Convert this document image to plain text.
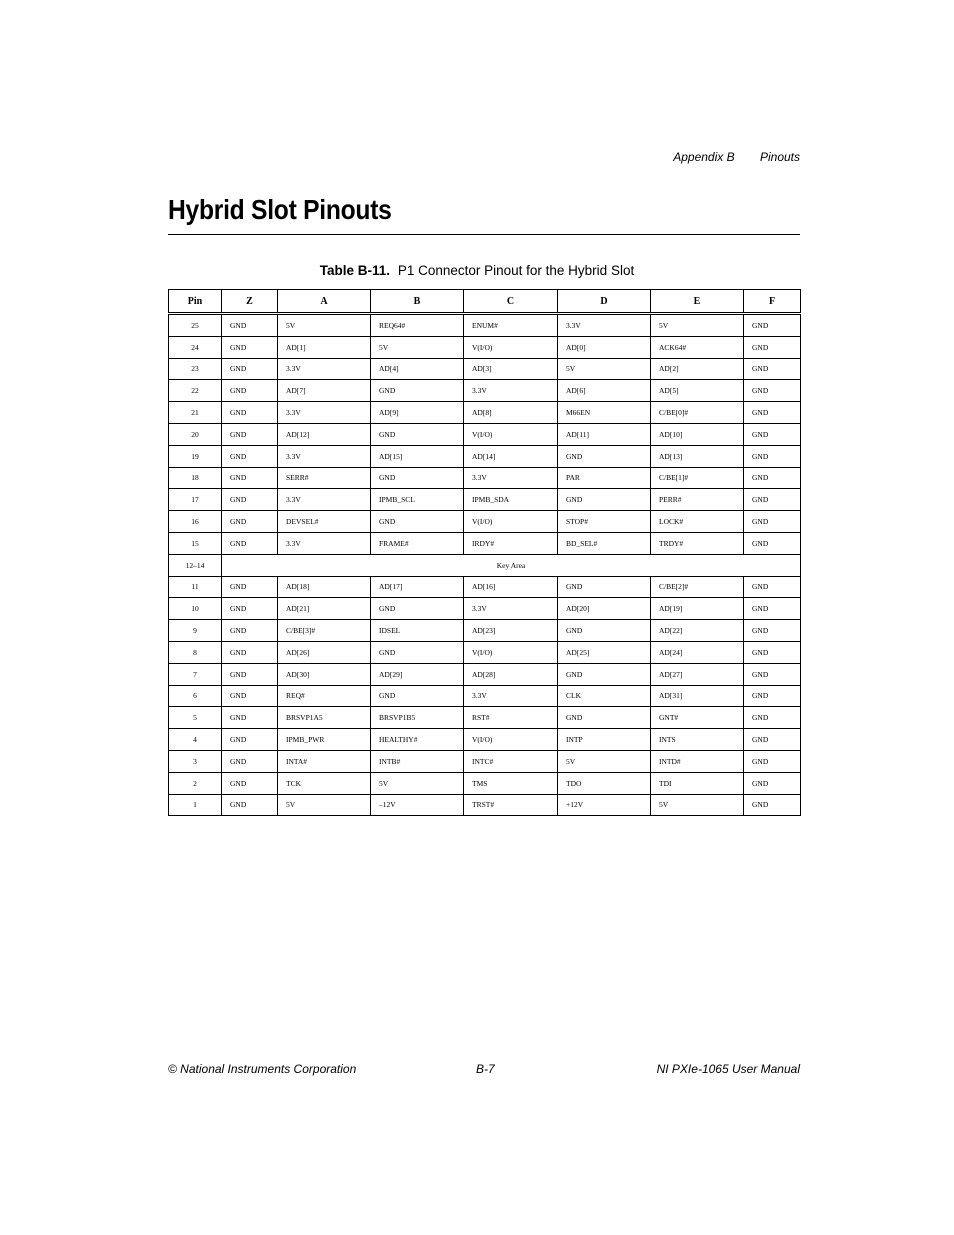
Appendix B Pinouts
Hybrid Slot Pinouts
Table B-11. P1 Connector Pinout for the Hybrid Slot
Pin	Z	A	B	C	D	E	F
25	GND	5V	REQ64#	ENUM#	3.3V	5V	GND
24	GND	AD[1]	5V	V(I/O)	AD[0]	ACK64#	GND
23	GND	3.3V	AD[4]	AD[3]	5V	AD[2]	GND
22	GND	AD[7]	GND	3.3V	AD[6]	AD[5]	GND
21	GND	3.3V	AD[9]	AD[8]	M66EN	C/BE[0]#	GND
20	GND	AD[12]	GND	V(I/O)	AD[11]	AD[10]	GND
19	GND	3.3V	AD[15]	AD[14]	GND	AD[13]	GND
18	GND	SERR#	GND	3.3V	PAR	C/BE[1]#	GND
17	GND	3.3V	IPMB_SCL	IPMB_SDA	GND	PERR#	GND
16	GND	DEVSEL#	GND	V(I/O)	STOP#	LOCK#	GND
15	GND	3.3V	FRAME#	IRDY#	BD_SEL#	TRDY#	GND
12–14	Key Area						
11	GND	AD[18]	AD[17]	AD[16]	GND	C/BE[2]#	GND
10	GND	AD[21]	GND	3.3V	AD[20]	AD[19]	GND
9	GND	C/BE[3]#	IDSEL	AD[23]	GND	AD[22]	GND
8	GND	AD[26]	GND	V(I/O)	AD[25]	AD[24]	GND
7	GND	AD[30]	AD[29]	AD[28]	GND	AD[27]	GND
6	GND	REQ#	GND	3.3V	CLK	AD[31]	GND
5	GND	BRSVP1A5	BRSVP1B5	RST#	GND	GNT#	GND
4	GND	IPMB_PWR	HEALTHY#	V(I/O)	INTP	INTS	GND
3	GND	INTA#	INTB#	INTC#	5V	INTD#	GND
2	GND	TCK	5V	TMS	TDO	TDI	GND
1	GND	5V	–12V	TRST#	+12V	5V	GND
© National Instruments Corporation	B-7	NI PXIe-1065 User Manual
